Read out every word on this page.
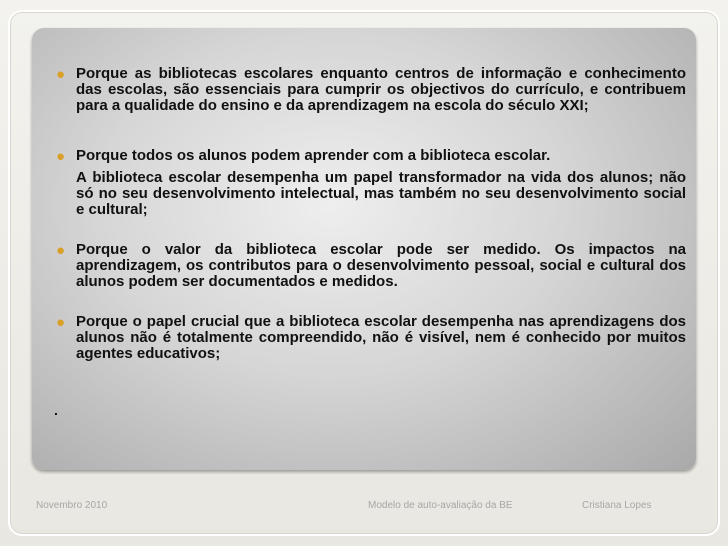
● Porque as bibliotecas escolares enquanto centros de informação e conhecimento das escolas, são essenciais para cumprir os objectivos do currículo, e contribuem para a qualidade do ensino e da aprendizagem na escola do século XXI;

● Porque todos os alunos podem aprender com a biblioteca escolar.

A biblioteca escolar desempenha um papel transformador na vida dos alunos; não só no seu desenvolvimento intelectual, mas também no seu desenvolvimento social e cultural;

● Porque o valor da biblioteca escolar pode ser medido. Os impactos na aprendizagem, os contributos para o desenvolvimento pessoal, social e cultural dos alunos podem ser documentados e medidos.

● Porque o papel crucial que a biblioteca escolar desempenha nas aprendizagens dos alunos não é totalmente compreendido, não é visível, nem é conhecido por muitos agentes educativos;

.
Novembro 2010	Modelo de auto-avaliação da BE	Cristiana Lopes
